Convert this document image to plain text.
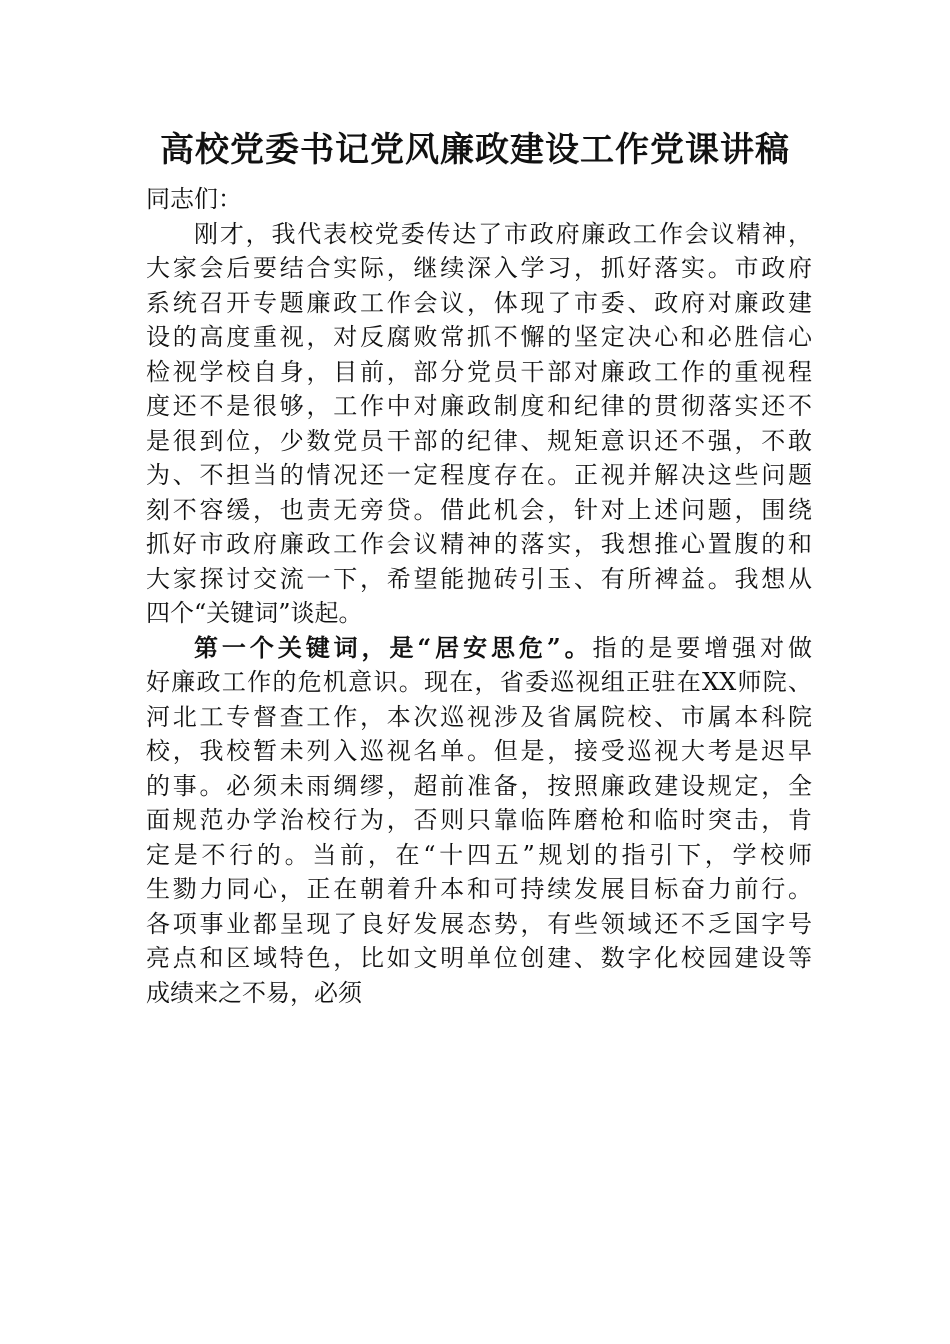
高校党委书记党风廉政建设工作党课讲稿
同志们：
刚才，我代表校党委传达了市政府廉政工作会议精神，
大家会后要结合实际，继续深入学习，抓好落实。市政府
系统召开专题廉政工作会议，体现了市委、政府对廉政建
设的高度重视，对反腐败常抓不懈的坚定决心和必胜信心
检视学校自身，目前，部分党员干部对廉政工作的重视程
度还不是很够，工作中对廉政制度和纪律的贯彻落实还不
是很到位，少数党员干部的纪律、规矩意识还不强，不敢
为、不担当的情况还一定程度存在。正视并解决这些问题
刻不容缓，也责无旁贷。借此机会，针对上述问题，围绕
抓好市政府廉政工作会议精神的落实，我想推心置腹的和
大家探讨交流一下，希望能抛砖引玉、有所裨益。我想从
四个“关键词”谈起。
第一个关键词，是“居安思危”。指的是要增强对做
好廉政工作的危机意识。现在，省委巡视组正驻在XX师院、
河北工专督查工作，本次巡视涉及省属院校、市属本科院
校，我校暂未列入巡视名单。但是，接受巡视大考是迟早
的事。必须未雨绸缪，超前准备，按照廉政建设规定，全
面规范办学治校行为，否则只靠临阵磨枪和临时突击，肯
定是不行的。当前，在“十四五”规划的指引下，学校师
生勠力同心，正在朝着升本和可持续发展目标奋力前行。
各项事业都呈现了良好发展态势，有些领域还不乏国字号
亮点和区域特色，比如文明单位创建、数字化校园建设等
成绩来之不易，必须
